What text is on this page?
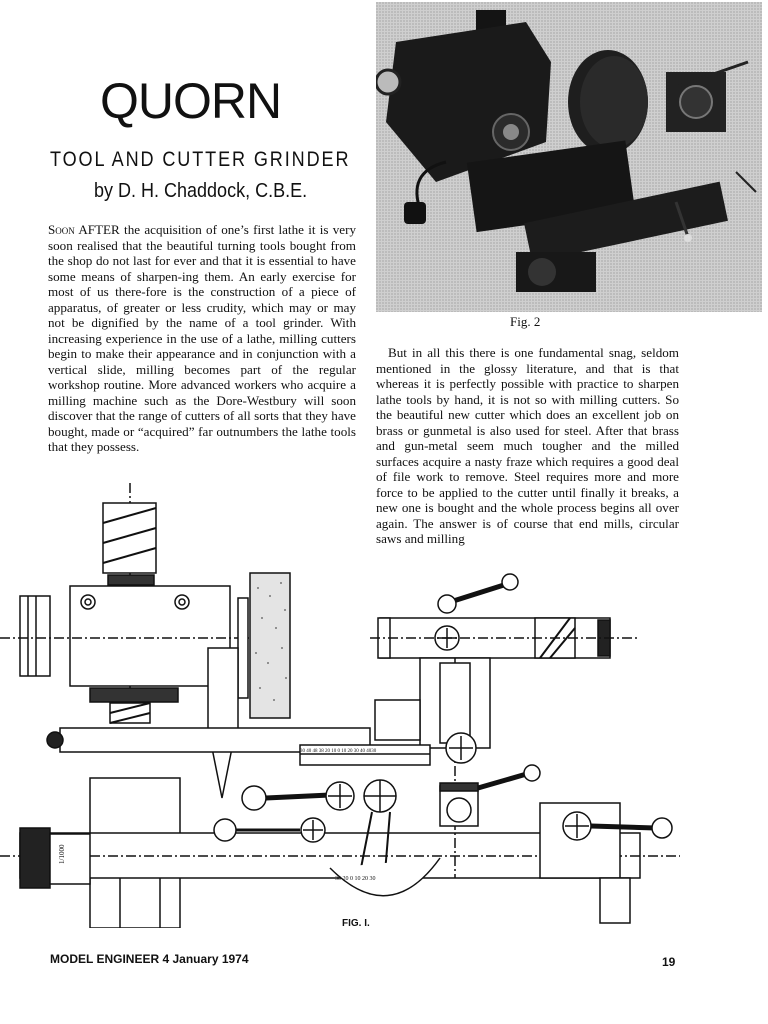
QUORN
TOOL AND CUTTER GRINDER
by D. H. Chaddock, C.B.E.

Soon AFTER the acquisition of one’s first lathe it is very soon realised that the beautiful turning tools bought from the shop do not last for ever and that it is essential to have some means of sharpen-ing them. An early exercise for most of us there-fore is the construction of a piece of apparatus, of greater or less crudity, which may or may not be dignified by the name of a tool grinder. With increasing experience in the use of a lathe, milling cutters begin to make their appearance and in conjunction with a vertical slide, milling becomes part of the regular workshop routine. More advanced workers who acquire a milling machine such as the Dore-Westbury will soon discover that the range of cutters of all sorts that they have bought, made or “acquired” far outnumbers the lathe tools that they possess.

Fig. 2

But in all this there is one fundamental snag, seldom mentioned in the glossy literature, and that is that whereas it is perfectly possible with practice to sharpen lathe tools by hand, it is not so with milling cutters. So the beautiful new cutter which does an excellent job on brass or gunmetal is also used for steel. After that brass and gun-metal seem much tougher and the milled surfaces acquire a nasty fraze which requires a good deal of file work to remove. Steel requires more and more force to be applied to the cutter until finally it breaks, a new one is bought and the whole process begins all over again. The answer is of course that end mills, circular saws and milling

1/1000
30 40 48 38 20 10 0 10 20 30 40 4030
30 20 0 10 20 30
FIG. I.
MODEL ENGINEER 4 January 1974	19
